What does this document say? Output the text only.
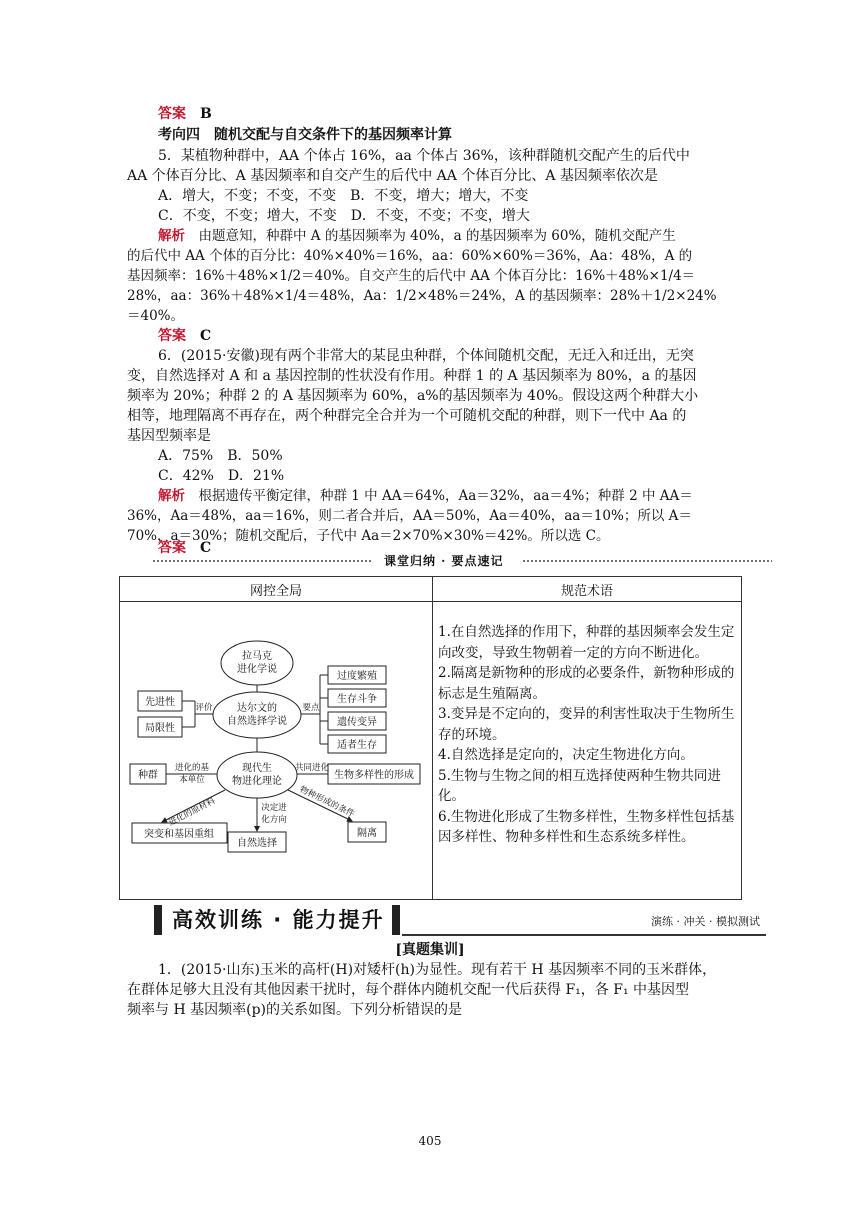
答案　 B
考向四　随机交配与自交条件下的基因频率计算
5．某植物种群中，AA 个体占 16%，aa 个体占 36%，该种群随机交配产生的后代中
AA 个体百分比、A 基因频率和自交产生的后代中 AA 个体百分比、A 基因频率依次是
A．增大，不变；不变，不变　B．不变，增大；增大，不变
C．不变，不变；增大，不变　D．不变，不变；不变，增大
解析　由题意知，种群中 A 的基因频率为 40%，a 的基因频率为 60%，随机交配产生
的后代中 AA 个体的百分比：40%×40%＝16%，aa：60%×60%＝36%，Aa：48%，A 的
基因频率：16%＋48%×1/2＝40%。自交产生的后代中 AA 个体百分比：16%＋48%×1/4＝
28%，aa：36%＋48%×1/4＝48%，Aa：1/2×48%＝24%，A 的基因频率：28%＋1/2×24%
＝40%。
答案　 C
6．(2015·安徽)现有两个非常大的某昆虫种群，个体间随机交配，无迁入和迁出，无突
变，自然选择对 A 和 a 基因控制的性状没有作用。种群 1 的 A 基因频率为 80%，a 的基因
频率为 20%；种群 2 的 A 基因频率为 60%，a%的基因频率为 40%。假设这两个种群大小
相等，地理隔离不再存在，两个种群完全合并为一个可随机交配的种群，则下一代中 Aa 的
基因型频率是
A．75%　B．50%
C．42%　D．21%
解析　根据遗传平衡定律，种群 1 中 AA＝64%，Aa＝32%，aa＝4%；种群 2 中 AA＝
36%，Aa＝48%，aa＝16%，则二者合并后，AA＝50%，Aa＝40%，aa＝10%；所以 A＝
70%，a＝30%；随机交配后，子代中 Aa＝2×70%×30%＝42%。所以选 C。
答案　 C
课堂归纳 · 要点速记
网控全局	规范术语

拉马克
进化学说
达尔文的
自然选择学说
现代生
物进化理论
先进性
局限性
过度繁殖
生存斗争
遗传变异
适者生存
种群	生物多样性的形成
突变和基因重组
自然选择
隔离
评价	要点
进化的基
本单位
共同进化
进化的原材料	决定进
化方向
物种形成的条件
1.在自然选择的作用下，种群的基因频率会发生定向改变，导致生物朝着一定的方向不断进化。
2.隔离是新物种的形成的必要条件，新物种形成的标志是生殖隔离。
3.变异是不定向的，变异的利害性取决于生物所生存的环境。
4.自然选择是定向的，决定生物进化方向。
5.生物与生物之间的相互选择使两种生物共同进化。
6.生物进化形成了生物多样性，生物多样性包括基因多样性、物种多样性和生态系统多样性。
高效训练 · 能力提升	演练 · 冲关 · 模拟测试
[真题集训]
1．(2015·山东)玉米的高杆(H)对矮杆(h)为显性。现有若干 H 基因频率不同的玉米群体，
在群体足够大且没有其他因素干扰时，每个群体内随机交配一代后获得 F₁，各 F₁ 中基因型
频率与 H 基因频率(p)的关系如图。下列分析错误的是
405
